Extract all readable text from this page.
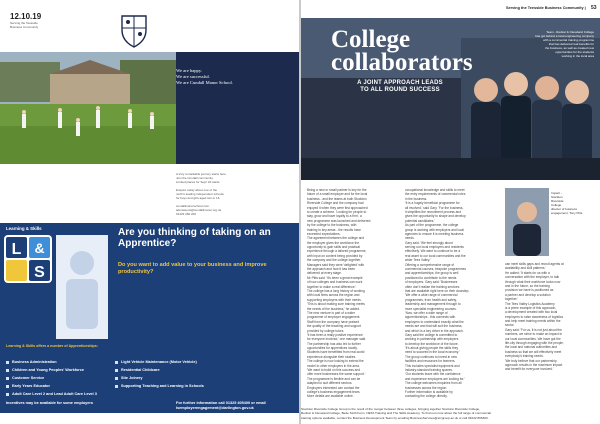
12.10.19
Serving the Teesside Business Community
We are happy.
We are successful.
We are Cundall Manor School.
A truly remarkable journey starts here.
Join the Cundall community.
Limited places for Sept' 20 starts.
Enquire today about one of the
north's leading independent schools
for boys and girls aged two to 16.
cundallmanorschool.com
admissions@cundallmanor.org.uk
01423 360 200
L
S
&
Learning & Skills	Are you thinking of taking on an Apprentice?
Do you want to add value to your business and improve productivity?
Learning & Skills offers a number of Apprenticeships:
Business Administration
Children and Young Peoples' Workforce
Customer Service
Early Years Educator
Adult Care Level 2 and Lead Adult Care Level 3
Light Vehicle Maintenance (Motor Vehicle)
Residential Childcare
Site Joinery
Supporting Teaching and Learning in Schools
Incentives may be available for some employers	For further information call 01325 405400 or email lsemployerengagement@darlington.gov.uk
Serving the Teesside Business Community | 53
College
collaborators
A JOINT APPROACH LEADS
TO ALL ROUND SUCCESS
Team - Redcar & Cleveland College
has got behind a local engineering company
with a commercial training programme
that has delivered real benefits for
the business, as well as created new
opportunities for the students
working in the local area

Being a new or small partner is key for the

future of a small employer and for the local

business - and the teams at both Stockton

Riverside College and the company had

enjoyed it when they were first approached

to create a scheme. 'Looking for people to

stay, grow and have loyalty to a firm', a

new programme was launched and delivered

by the college to the business, with

training in key areas - the results have

exceeded expectations.

The agreement between the college and

the employer gives the workforce the

opportunity to gain skills and practical

experience through a tailored programme,

with input on content being provided by

the company and the college together.

Managers said they were 'delighted' with

the approach and how it has been

delivered at every stage.

Mr Pitts said: 'It's been a great example

of how colleges and business can work

together to make a real difference.'

The college has a long history of working

with local firms across the region and

supporting employers with their needs.

'This is about making sure training meets

the needs of the business,' he added.

The new venture is part of a wider

programme of employer engagement.

Staff from the company have praised

the quality of the teaching and support

provided by college tutors.

'It has been a really positive experience

for everyone involved,' one manager said.

The partnership has also led to further

opportunities for apprentices locally.

Students have benefitted from real-world

experience alongside their studies.

The college is now looking to extend the

model to other employers in the area.

'We want to build on this success and

offer more businesses the same support.'

The programme is flexible and can be

adapted to suit different sectors.

Employers interested can contact the

college's business engagement team.

More details are available online.

occupational knowledge and skills to meet

the entry requirements of commercial roles

in the business.

'It is a hugely beneficial programme for

all involved,' said Gary. 'For the business,

it simplifies the recruitment process and

gives the opportunity to shape and develop

potential candidates.'

As part of the programme, the college

group is working with employers and local

agencies to ensure it is meeting business

needs.

Gary said: 'We feel strongly about

serving our local employers and residents

effectively. We want to continue to be a

real asset to our local communities and the

wider Tees Valley.'

Offering a comprehensive range of

commercial courses, bespoke programmes

and apprenticeships, the group is well

positioned to contribute to the needs

of employers. Gary said: 'Businesses

often don't realise the training services

that are available right here on their doorstep.

'We offer a wide range of commercial

programmes, from health and safety,

leadership and management through to

more specialist engineering courses.

'Now, we offer a wide range of

apprenticeships - this connects with

employers to understand exactly what the

needs are and that will suit the business,

and which is a key driver in the approach.

Gary said the college is committed to

working in partnership with employers

to develop the workforce of the future.

'It's about giving people the skills they

need to succeed in the local economy.'

The group continues to invest in new

facilities and resources for learners.

This includes specialist equipment and

industry-standard training spaces.

'Our students leave with the confidence

and experience employers are looking for.'

The college welcomes enquiries from all

businesses across the region.

Further information is available by

contacting the college directly.

can meet skills gaps and recruit agents at

availability and skill patterns.'

He added: 'It starts for us with a

conversation with the employer, to talk

through what their workforce looks now

and in the future, so the training

provision we have is positioned as

a partner and develop a solution

together.'

The Tees Valley Logistics Academy

is a prime example of this approach,

a development created with two local

employers to raise awareness of logistics

and help meet training needs within the

sector.

Gary said: 'For us, it is not just about the

numbers, we strive to make an impact in

our local communities. We have got the

life-city through engaging with the people,

the local and national authorities and

business so that we will effectively meet

everybody's training needs.

'We truly believe that our partnership

approach results in the maximum impact

and benefit for everyone involved.'

Impact -
Stockton
Riverside
College
director of business
engagement, Tony Pitts.
Stockton Riverside College Group is the result of the merger between three colleges, bringing together Stockton Riverside College,
Redcar & Cleveland College, Bede Sixth Form, NETA Training and The Skills Academy. To find out more about the full range of commercial
training options available, contact the Business Development Team by emailing BusinessServices@srcgroup.ac.uk or call 01642 865400.
